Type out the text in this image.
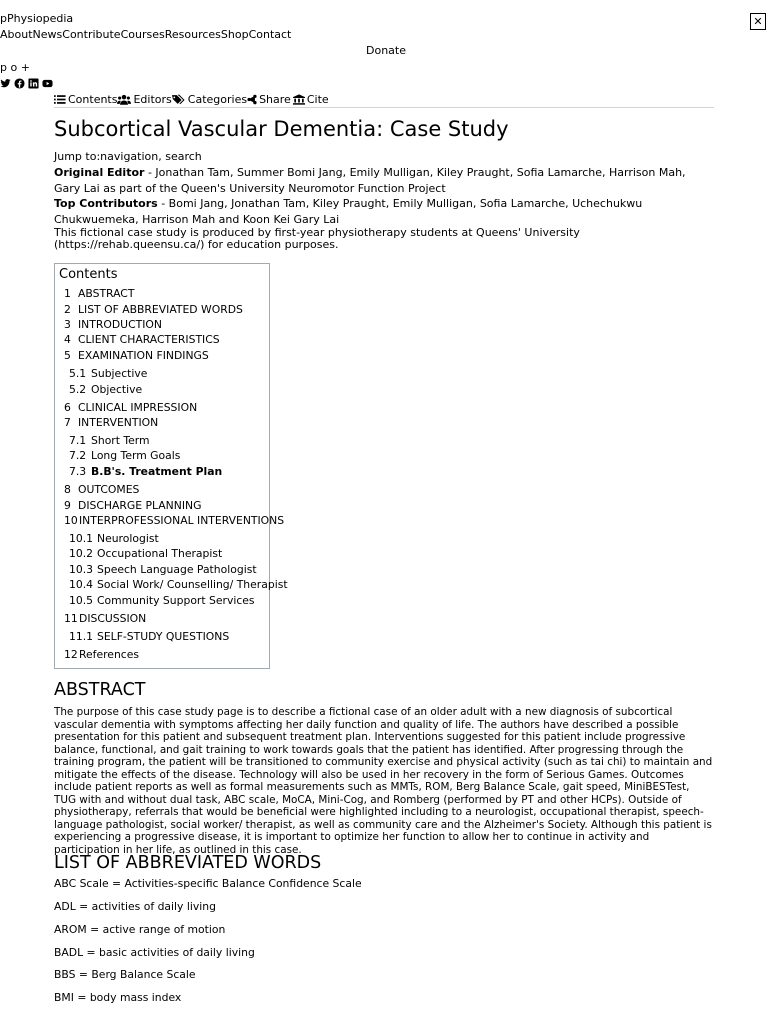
pPhysiopedia
AboutNewsContributeCoursesResourcesShopContact
Donate
p o +
✕
Contents Editors Categories Share Cite
Subcortical Vascular Dementia: Case Study
Jump to:navigation, search
Original Editor - Jonathan Tam, Summer Bomi Jang, Emily Mulligan, Kiley Praught, Sofia Lamarche, Harrison Mah, Gary Lai as part of the Queen's University Neuromotor Function Project
Top Contributors - Bomi Jang, Jonathan Tam, Kiley Praught, Emily Mulligan, Sofia Lamarche, Uchechukwu Chukwuemeka, Harrison Mah and Koon Kei Gary Lai
This fictional case study is produced by first-year physiotherapy students at Queens' University (https://rehab.queensu.ca/) for education purposes.
Contents
1 ABSTRACT
2 LIST OF ABBREVIATED WORDS
3 INTRODUCTION
4 CLIENT CHARACTERISTICS
5 EXAMINATION FINDINGS
5.1 Subjective
5.2 Objective
6 CLINICAL IMPRESSION
7 INTERVENTION
7.1 Short Term
7.2 Long Term Goals
7.3 B.B's. Treatment Plan
8 OUTCOMES
9 DISCHARGE PLANNING
10INTERPROFESSIONAL INTERVENTIONS
10.1 Neurologist
10.2 Occupational Therapist
10.3 Speech Language Pathologist
10.4 Social Work/ Counselling/ Therapist
10.5 Community Support Services
11DISCUSSION
11.1 SELF-STUDY QUESTIONS
12References
ABSTRACT
The purpose of this case study page is to describe a fictional case of an older adult with a new diagnosis of subcortical vascular dementia with symptoms affecting her daily function and quality of life. The authors have described a possible presentation for this patient and subsequent treatment plan. Interventions suggested for this patient include progressive balance, functional, and gait training to work towards goals that the patient has identified. After progressing through the training program, the patient will be transitioned to community exercise and physical activity (such as tai chi) to maintain and mitigate the effects of the disease. Technology will also be used in her recovery in the form of Serious Games. Outcomes include patient reports as well as formal measurements such as MMTs, ROM, Berg Balance Scale, gait speed, MiniBESTest, TUG with and without dual task, ABC scale, MoCA, Mini-Cog, and Romberg (performed by PT and other HCPs). Outside of physiotherapy, referrals that would be beneficial were highlighted including to a neurologist, occupational therapist, speech-language pathologist, social worker/ therapist, as well as community care and the Alzheimer's Society. Although this patient is experiencing a progressive disease, it is important to optimize her function to allow her to continue in activity and participation in her life, as outlined in this case.
LIST OF ABBREVIATED WORDS
ABC Scale = Activities-specific Balance Confidence Scale
ADL = activities of daily living
AROM = active range of motion
BADL = basic activities of daily living
BBS = Berg Balance Scale
BMI = body mass index
